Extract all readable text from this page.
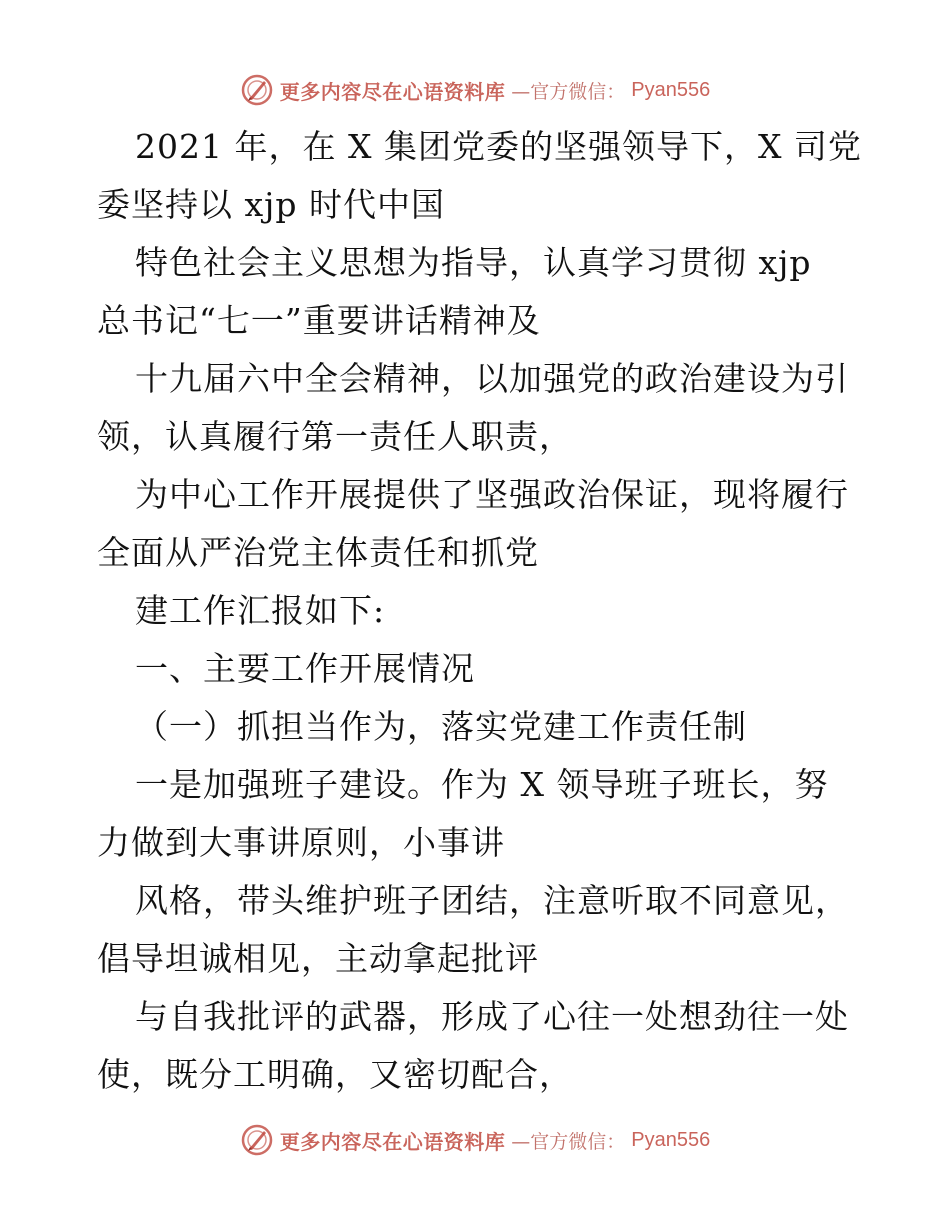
更多内容尽在心语资料库 —官方微信： Pyan556
2021 年，在 X 集团党委的坚强领导下，X 司党
委坚持以 xjp 时代中国
特色社会主义思想为指导，认真学习贯彻 xjp
总书记“七一”重要讲话精神及
十九届六中全会精神，以加强党的政治建设为引
领，认真履行第一责任人职责，
为中心工作开展提供了坚强政治保证，现将履行
全面从严治党主体责任和抓党
建工作汇报如下:
一、主要工作开展情况
（一）抓担当作为，落实党建工作责任制
一是加强班子建设。作为 X 领导班子班长，努
力做到大事讲原则，小事讲
风格，带头维护班子团结，注意听取不同意见，
倡导坦诚相见，主动拿起批评
与自我批评的武器，形成了心往一处想劲往一处
使，既分工明确，又密切配合，
更多内容尽在心语资料库 —官方微信： Pyan556
